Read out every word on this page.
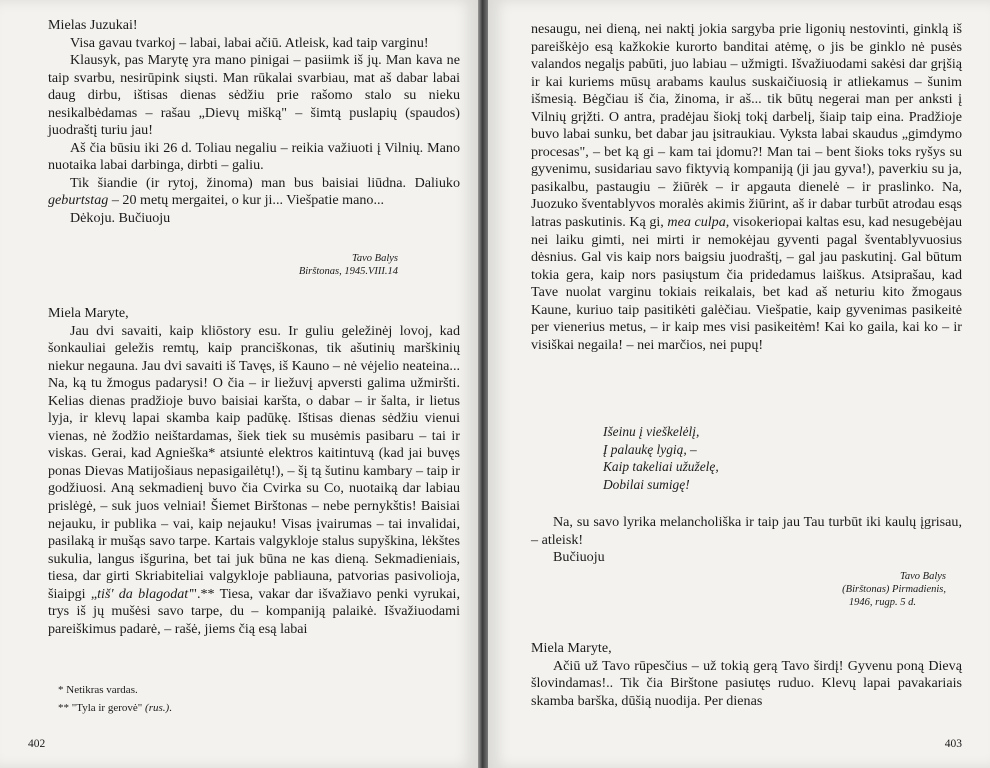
Mielas Juzukai!

Visa gavau tvarkoj – labai, labai ačiū. Atleisk, kad taip varginu!

Klausyk, pas Marytę yra mano pinigai – pasiimk iš jų. Man kava ne taip svarbu, nesirūpink siųsti. Man rūkalai svarbiau, mat aš dabar labai daug dirbu, ištisas dienas sėdžiu prie rašomo stalo su nieku nesikalbėdamas – rašau „Dievų mišką" – šimtą puslapių (spaudos) juodraštį turiu jau!

Aš čia būsiu iki 26 d. Toliau negaliu – reikia važiuoti į Vilnių. Mano nuotaika labai darbinga, dirbti – galiu.

Tik šiandie (ir rytoj, žinoma) man bus baisiai liūdna. Daliuko geburtstag – 20 metų mergaitei, o kur ji... Viešpatie mano...

Dėkoju. Bučiuoju

Tavo Balys
Birštonas, 1945.VIII.14

Miela Maryte,

Jau dvi savaiti, kaip kliōstory esu. Ir guliu geležinėj lovoj, kad šonkauliai geležis remtų, kaip pranciškonas, tik ašutinių marškinių niekur negauna. Jau dvi savaiti iš Tavęs, iš Kauno – nė vėjelio neateina... Na, ką tu žmogus padarysi! O čia – ir liežuvį apversti galima užmiršti. Kelias dienas pradžioje buvo baisiai karšta, o dabar – ir šalta, ir lietus lyja, ir klevų lapai skamba kaip padūkę. Ištisas dienas sėdžiu vienui vienas, nė žodžio neištardamas, šiek tiek su musėmis pasibaru – tai ir viskas. Gerai, kad Agnieška* atsiuntė elektros kaitintuvą (kad jai buvęs ponas Dievas Matijošiaus nepasigailėtų!), – šį tą šutinu kambary – taip ir godžiuosi. Aną sekmadienį buvo čia Cvirka su Co, nuotaiką dar labiau prislėgė, – suk juos velniai! Šiemet Birštonas – nebe pernykštis! Baisiai nejauku, ir publika – vai, kaip nejauku! Visas įvairumas – tai invalidai, pasilaką ir mušąs savo tarpe. Kartais valgykloje stalus supyškina, lėkštes sukulia, langus išgurina, bet tai juk būna ne kas dieną. Sekmadieniais, tiesa, dar girti Skriabiteliai valgykloje pabliauna, patvorias pasivolioja, šiaipgi „tiš' da blagodat'".** Tiesa, vakar dar išvažiavo penki vyrukai, trys iš jų mušėsi savo tarpe, du – kompaniją palaikė. Išvažiuodami pareiškimus padarė, – rašė, jiems čią esą labai

* Netikras vardas.
** "Tyla ir gerovė" (rus.).
402

nesaugu, nei dieną, nei naktį jokia sargyba prie ligonių nestovinti, ginklą iš pareiškėjo esą kažkokie kurorto banditai atėmę, o jis be ginklo nė pusės valandos negalįs pabūti, juo labiau – užmigti. Išvažiuodami sakėsi dar grįšią ir kai kuriems mūsų arabams kaulus suskaičiuosią ir atliekamus – šunim išmesią. Bėgčiau iš čia, žinoma, ir aš... tik būtų negerai man per anksti į Vilnių grįžti. O antra, pradėjau šiokį tokį darbelį, šiaip taip eina. Pradžioje buvo labai sunku, bet dabar jau įsitraukiau. Vyksta labai skaudus „gimdymo procesas", – bet ką gi – kam tai įdomu?! Man tai – bent šioks toks ryšys su gyvenimu, susidariau savo fiktyvią kompaniją (ji jau gyva!), paverkiu su ja, pasikalbu, pastaugiu – žiūrėk – ir apgauta dienelė – ir praslinko. Na, Juozuko šventablyvos moralės akimis žiūrint, aš ir dabar turbūt atrodau esąs latras paskutinis. Ką gi, mea culpa, visokeriopai kaltas esu, kad nesugebėjau nei laiku gimti, nei mirti ir nemokėjau gyventi pagal šventablyvuosius dėsnius. Gal vis kaip nors baigsiu juodraštį, – gal jau paskutinį. Gal būtum tokia gera, kaip nors pasiųstum čia pridedamus laiškus. Atsiprašau, kad Tave nuolat varginu tokiais reikalais, bet kad aš neturiu kito žmogaus Kaune, kuriuo taip pasitikėti galėčiau. Viešpatie, kaip gyvenimas pasikeitė per vienerius metus, – ir kaip mes visi pasikeitėm! Kai ko gaila, kai ko – ir visiškai negaila! – nei marčios, nei pupų!

Išeinu į vieškelėlį,
Į palaukę lygią, –
Kaip takeliai užuželę,
Dobilai sumigę!

Na, su savo lyrika melancholiška ir taip jau Tau turbūt iki kaulų įgrisau, – atleisk!

Bučiuoju

Tavo Balys
(Birštonas) Pirmadienis,
1946, rugp. 5 d.

Miela Maryte,

Ačiū už Tavo rūpesčius – už tokią gerą Tavo širdį! Gyvenu poną Dievą šlovindamas!.. Tik čia Birštone pasiutęs ruduo. Klevų lapai pavakariais skamba barška, dūšią nuodija. Per dienas

403
